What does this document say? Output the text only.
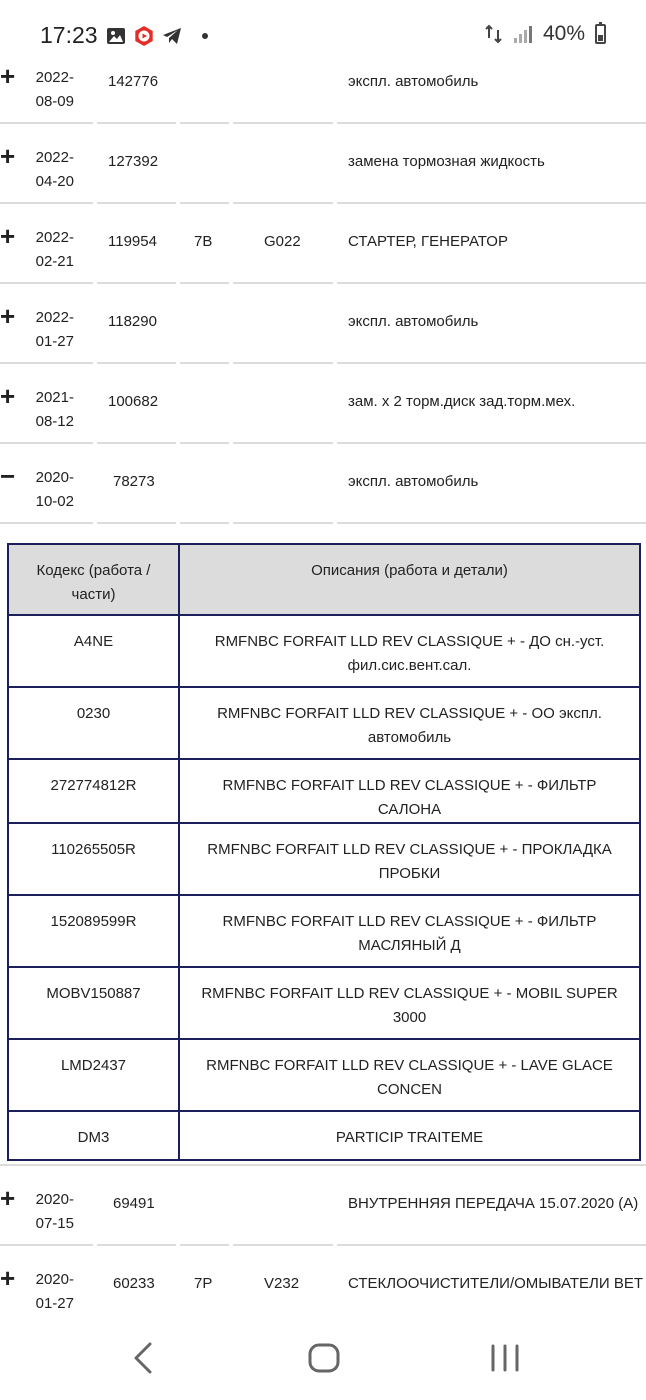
17:23	40%
+	2022-
08-09
142776	экспл. автомобиль
+	2022-
04-20
127392	замена тормозная жидкость
+	2022-
02-21
119954 7B	G022	СТАРТЕР, ГЕНЕРАТОР
+	2022-
01-27
118290	экспл. автомобиль
+	2021-
08-12
100682	зам. х 2 торм.диск зад.торм.мех.
−	2020-
10-02
78273	экспл. автомобиль
Кодекс (работа / части)	Описания (работа и детали)
A4NE	RMFNBC FORFAIT LLD REV CLASSIQUE + - ДО сн.-уст. фил.сис.вент.сал.
0230	RMFNBC FORFAIT LLD REV CLASSIQUE + - ОО экспл. автомобиль
272774812R	RMFNBC FORFAIT LLD REV CLASSIQUE + - ФИЛЬТР САЛОНА
110265505R	RMFNBC FORFAIT LLD REV CLASSIQUE + - ПРОКЛАДКА ПРОБКИ
152089599R	RMFNBC FORFAIT LLD REV CLASSIQUE + - ФИЛЬТР МАСЛЯНЫЙ Д
MOBV150887	RMFNBC FORFAIT LLD REV CLASSIQUE + - MOBIL SUPER 3000
LMD2437	RMFNBC FORFAIT LLD REV CLASSIQUE + - LAVE GLACE CONCEN
DM3	PARTICIP TRAITEME
+	2020-
07-15
69491	ВНУТРЕННЯЯ ПЕРЕДАЧА 15.07.2020 (A)
+	2020-
01-27
60233	7P	V232	СТЕКЛООЧИСТИТЕЛИ/ОМЫВАТЕЛИ ВЕТ
